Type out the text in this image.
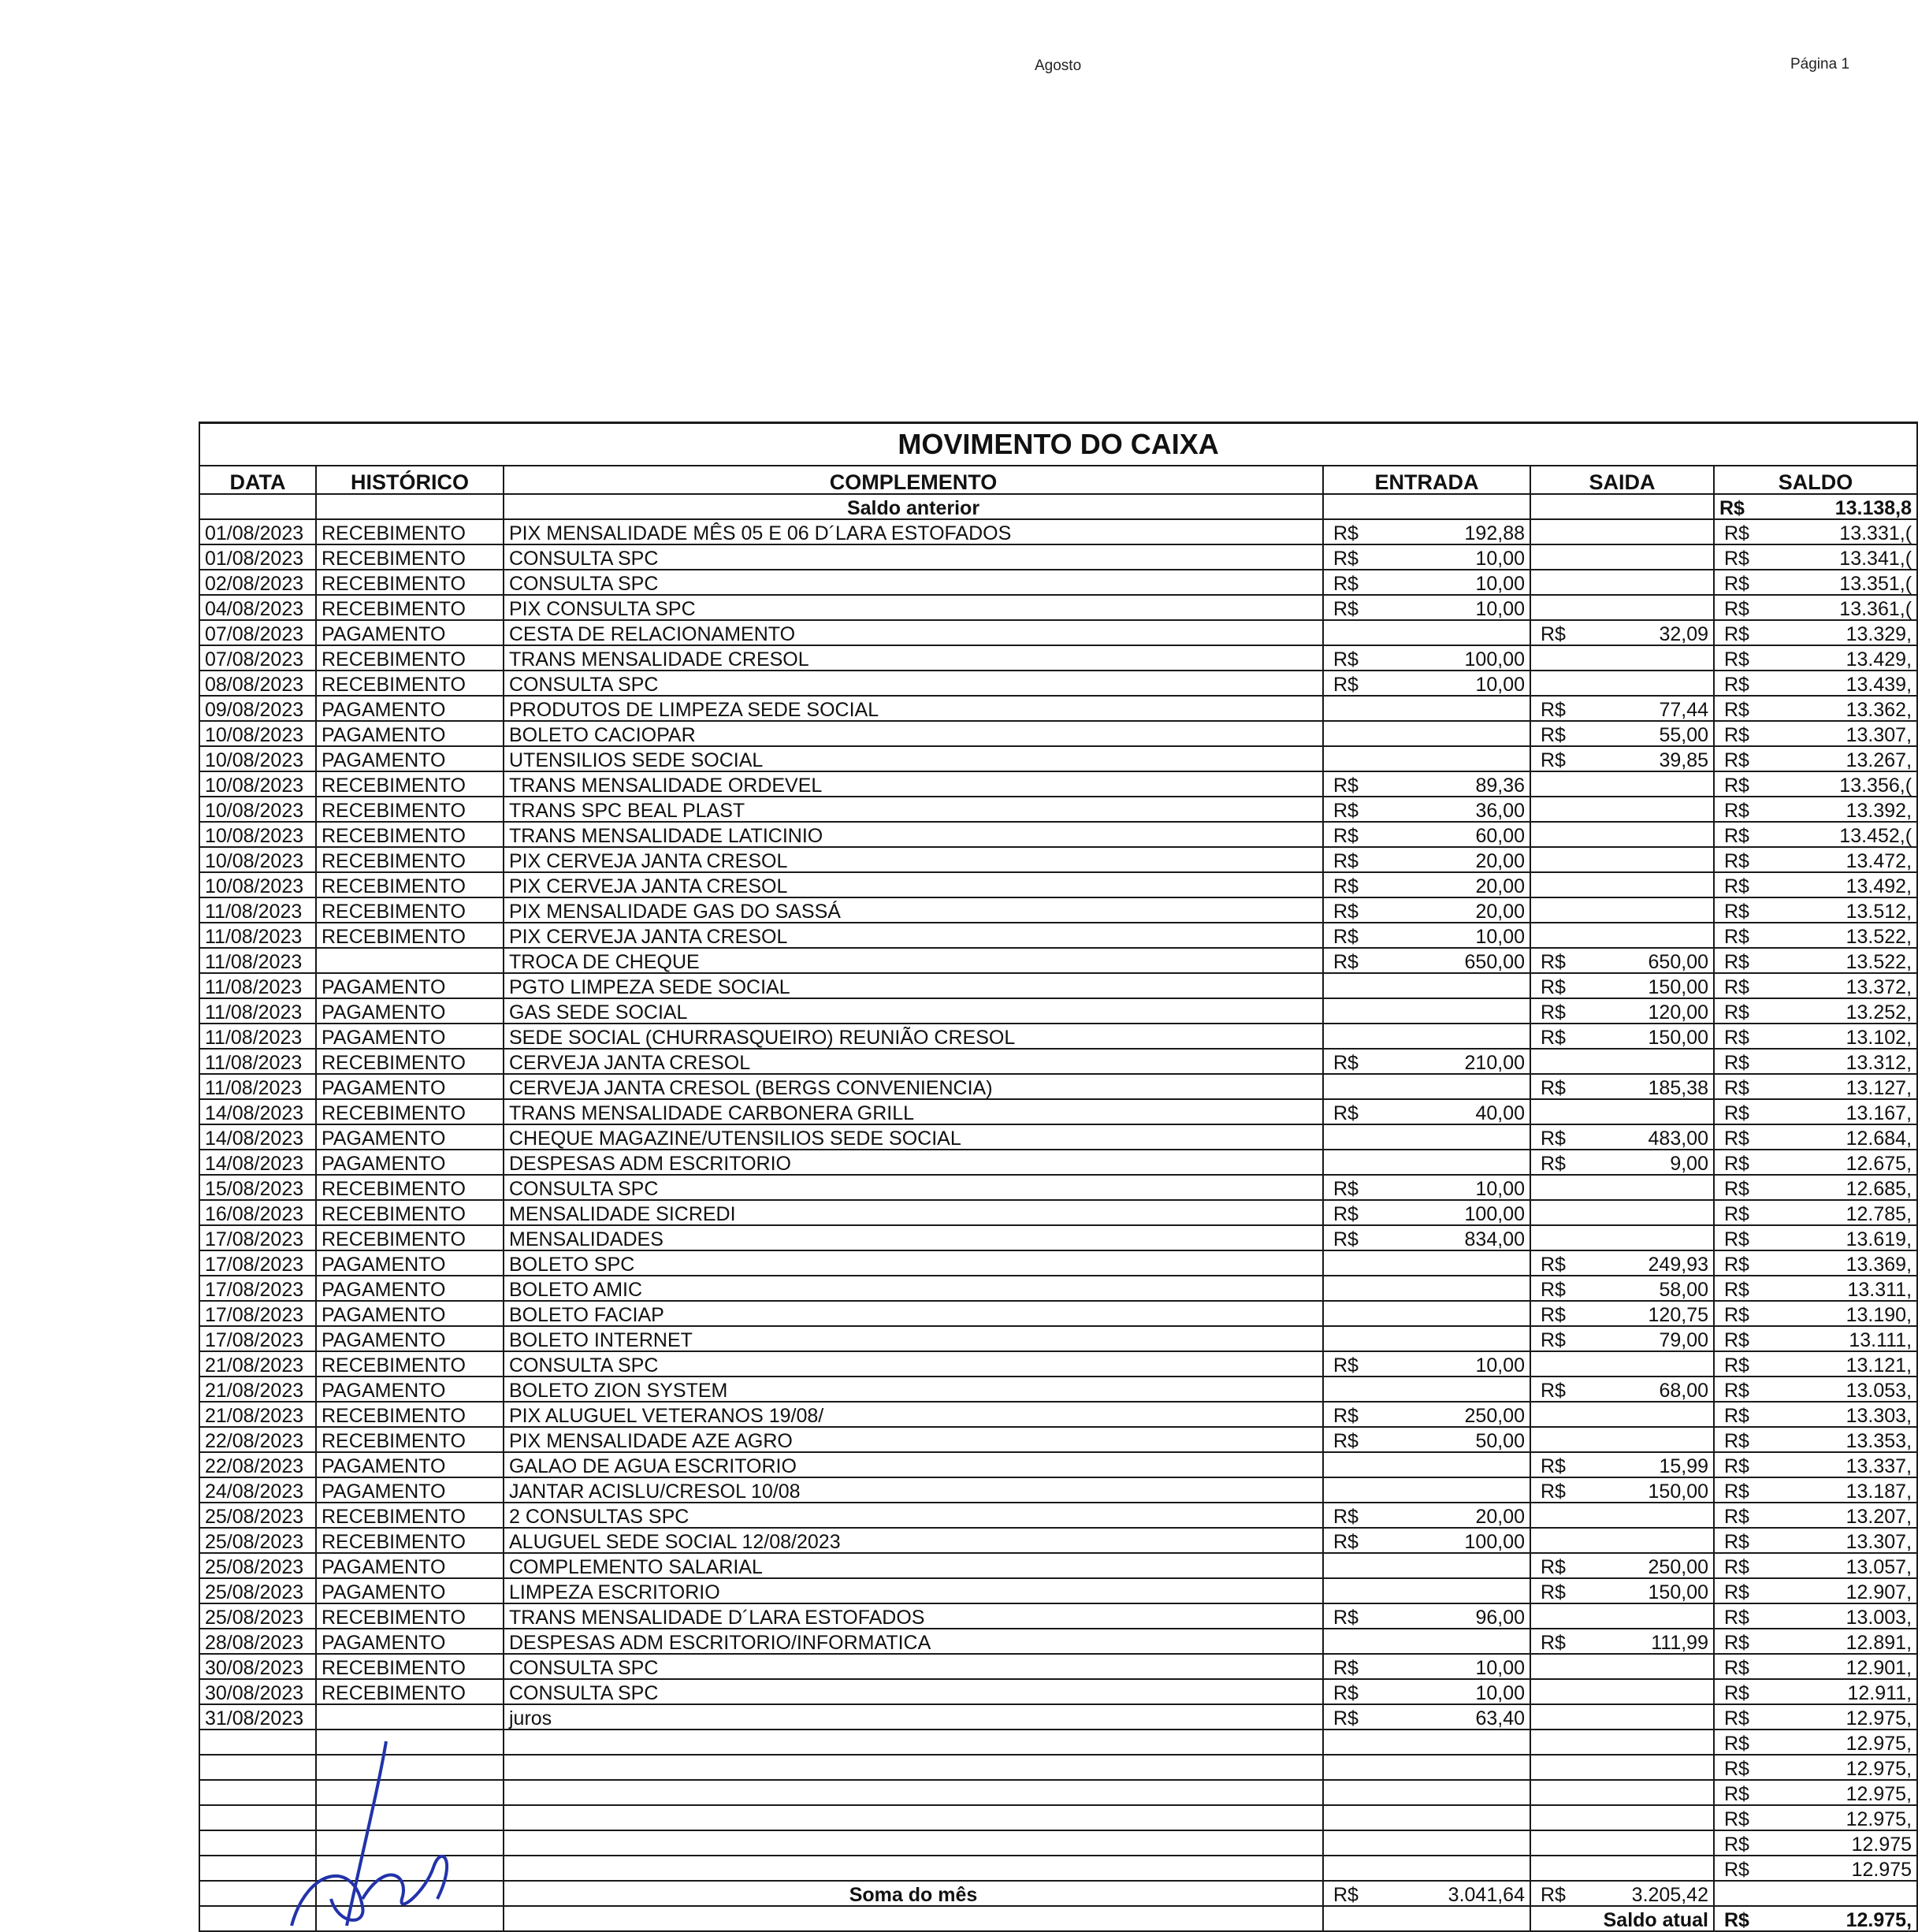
Agosto	Página 1
MOVIMENTO DO CAIXA					
DATA	HISTÓRICO	COMPLEMENTO	ENTRADA	SAIDA	SALDO
		Saldo anterior			R$ 13.138,8

01/08/2023	RECEBIMENTO	PIX MENSALIDADE MÊS 05 E 06 D´LARA ESTOFADOS	R$ 192,88		R$ 13.331,(

01/08/2023	RECEBIMENTO	CONSULTA SPC	R$ 10,00		R$ 13.341,(

02/08/2023	RECEBIMENTO	CONSULTA SPC	R$ 10,00		R$ 13.351,(

04/08/2023	RECEBIMENTO	PIX CONSULTA SPC	R$ 10,00		R$ 13.361,(

07/08/2023	PAGAMENTO	CESTA DE RELACIONAMENTO		R$ 32,09	R$ 13.329,

07/08/2023	RECEBIMENTO	TRANS MENSALIDADE CRESOL	R$ 100,00		R$ 13.429,

08/08/2023	RECEBIMENTO	CONSULTA SPC	R$ 10,00		R$ 13.439,

09/08/2023	PAGAMENTO	PRODUTOS DE LIMPEZA SEDE SOCIAL		R$ 77,44	R$ 13.362,

10/08/2023	PAGAMENTO	BOLETO CACIOPAR		R$ 55,00	R$ 13.307,

10/08/2023	PAGAMENTO	UTENSILIOS SEDE SOCIAL		R$ 39,85	R$ 13.267,

10/08/2023	RECEBIMENTO	TRANS MENSALIDADE ORDEVEL	R$ 89,36		R$ 13.356,(

10/08/2023	RECEBIMENTO	TRANS SPC BEAL PLAST	R$ 36,00		R$ 13.392,

10/08/2023	RECEBIMENTO	TRANS MENSALIDADE LATICINIO	R$ 60,00		R$ 13.452,(

10/08/2023	RECEBIMENTO	PIX CERVEJA JANTA CRESOL	R$ 20,00		R$ 13.472,

10/08/2023	RECEBIMENTO	PIX CERVEJA JANTA CRESOL	R$ 20,00		R$ 13.492,

11/08/2023	RECEBIMENTO	PIX MENSALIDADE GAS DO SASSÁ	R$ 20,00		R$ 13.512,

11/08/2023	RECEBIMENTO	PIX CERVEJA JANTA CRESOL	R$ 10,00		R$ 13.522,

11/08/2023		TROCA DE CHEQUE	R$ 650,00	R$ 650,00	R$ 13.522,

11/08/2023	PAGAMENTO	PGTO LIMPEZA SEDE SOCIAL		R$ 150,00	R$ 13.372,

11/08/2023	PAGAMENTO	GAS SEDE SOCIAL		R$ 120,00	R$ 13.252,

11/08/2023	PAGAMENTO	SEDE SOCIAL (CHURRASQUEIRO) REUNIÃO CRESOL		R$ 150,00	R$ 13.102,

11/08/2023	RECEBIMENTO	CERVEJA JANTA CRESOL	R$ 210,00		R$ 13.312,

11/08/2023	PAGAMENTO	CERVEJA JANTA CRESOL (BERGS CONVENIENCIA)		R$ 185,38	R$ 13.127,

14/08/2023	RECEBIMENTO	TRANS MENSALIDADE CARBONERA GRILL	R$ 40,00		R$ 13.167,

14/08/2023	PAGAMENTO	CHEQUE MAGAZINE/UTENSILIOS SEDE SOCIAL		R$ 483,00	R$ 12.684,

14/08/2023	PAGAMENTO	DESPESAS ADM ESCRITORIO		R$ 9,00	R$ 12.675,

15/08/2023	RECEBIMENTO	CONSULTA SPC	R$ 10,00		R$ 12.685,

16/08/2023	RECEBIMENTO	MENSALIDADE SICREDI	R$ 100,00		R$ 12.785,

17/08/2023	RECEBIMENTO	MENSALIDADES	R$ 834,00		R$ 13.619,

17/08/2023	PAGAMENTO	BOLETO SPC		R$ 249,93	R$ 13.369,

17/08/2023	PAGAMENTO	BOLETO AMIC		R$ 58,00	R$ 13.311,

17/08/2023	PAGAMENTO	BOLETO FACIAP		R$ 120,75	R$ 13.190,

17/08/2023	PAGAMENTO	BOLETO INTERNET		R$ 79,00	R$ 13.111,

21/08/2023	RECEBIMENTO	CONSULTA SPC	R$ 10,00		R$ 13.121,

21/08/2023	PAGAMENTO	BOLETO ZION SYSTEM		R$ 68,00	R$ 13.053,

21/08/2023	RECEBIMENTO	PIX ALUGUEL VETERANOS 19/08/	R$ 250,00		R$ 13.303,

22/08/2023	RECEBIMENTO	PIX MENSALIDADE AZE AGRO	R$ 50,00		R$ 13.353,

22/08/2023	PAGAMENTO	GALAO DE AGUA ESCRITORIO		R$ 15,99	R$ 13.337,

24/08/2023	PAGAMENTO	JANTAR ACISLU/CRESOL 10/08		R$ 150,00	R$ 13.187,

25/08/2023	RECEBIMENTO	2 CONSULTAS SPC	R$ 20,00		R$ 13.207,

25/08/2023	RECEBIMENTO	ALUGUEL SEDE SOCIAL 12/08/2023	R$ 100,00		R$ 13.307,

25/08/2023	PAGAMENTO	COMPLEMENTO SALARIAL		R$ 250,00	R$ 13.057,

25/08/2023	PAGAMENTO	LIMPEZA ESCRITORIO		R$ 150,00	R$ 12.907,

25/08/2023	RECEBIMENTO	TRANS MENSALIDADE D´LARA ESTOFADOS	R$ 96,00		R$ 13.003,

28/08/2023	PAGAMENTO	DESPESAS ADM ESCRITORIO/INFORMATICA		R$ 111,99	R$ 12.891,

30/08/2023	RECEBIMENTO	CONSULTA SPC	R$ 10,00		R$ 12.901,

30/08/2023	RECEBIMENTO	CONSULTA SPC	R$ 10,00		R$ 12.911,

31/08/2023		juros	R$ 63,40		R$ 12.975,

					R$ 12.975,

					R$ 12.975,

					R$ 12.975,

					R$ 12.975,

					R$ 12.975

					R$ 12.975

		Soma do mês	R$ 3.041,64	R$ 3.205,42	

				Saldo atual	R$ 12.975,
